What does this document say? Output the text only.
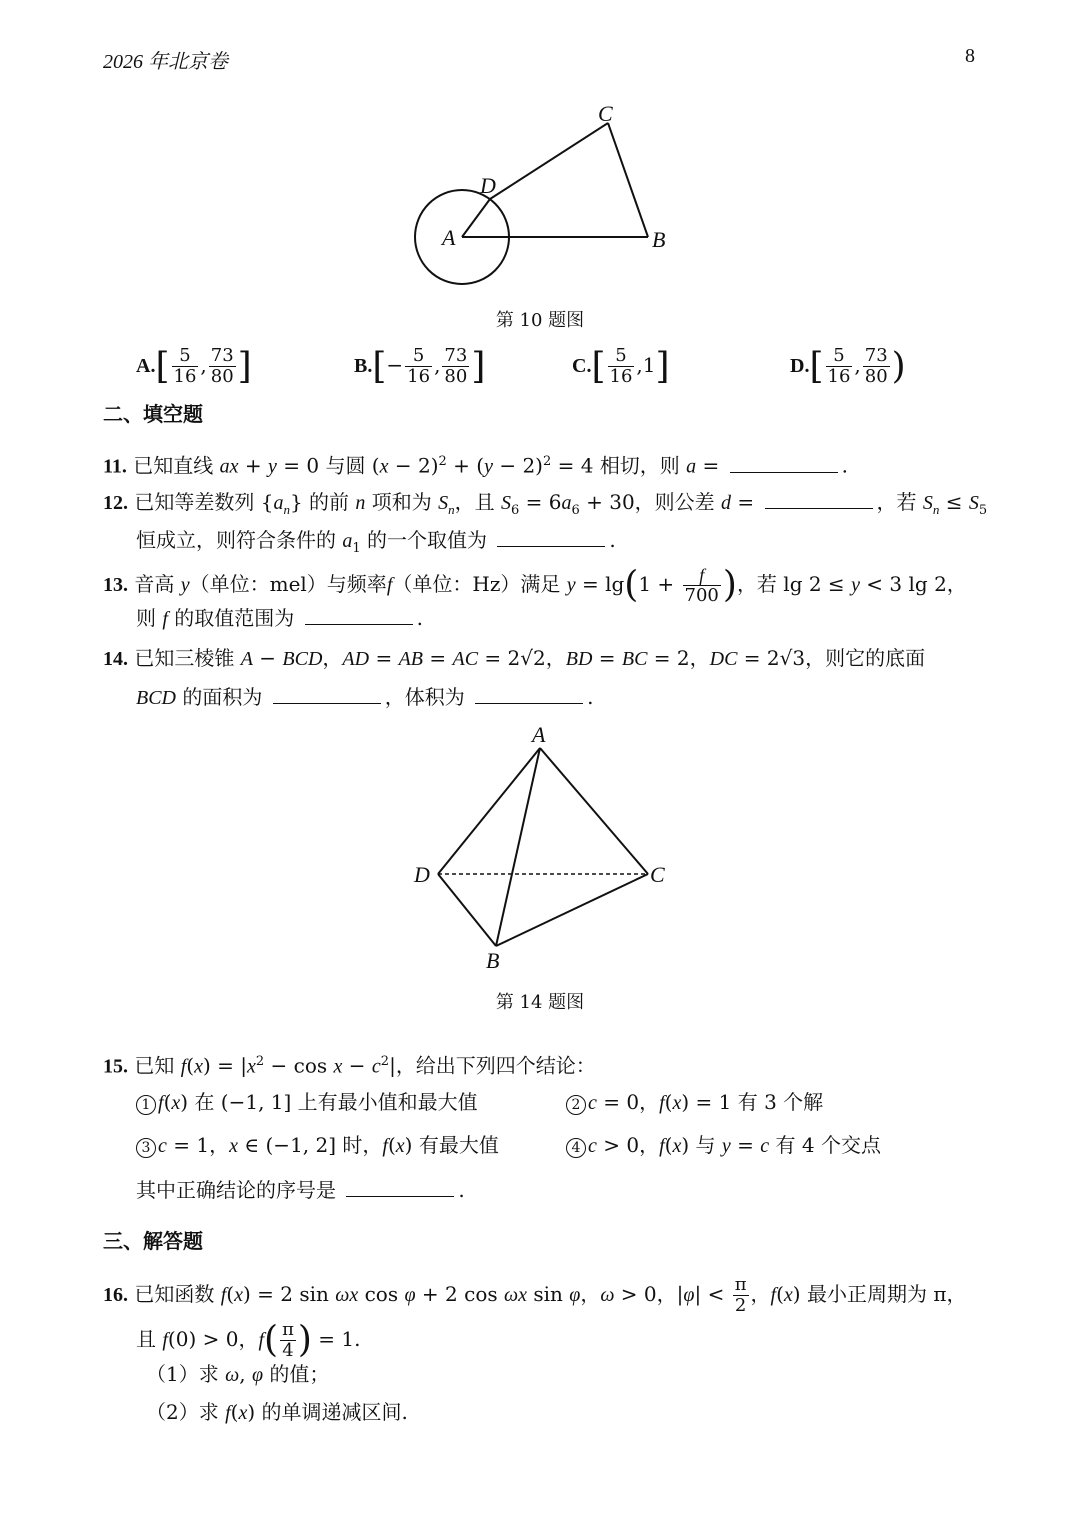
2026 年北京卷	8
C
D
A	B
第 10 题图
$A.[ \frac{5}{16}$ , $\frac{73}{80}$ ]	$B.[- \frac{5}{16}$ , $\frac{73}{80}$ ]	$C.[ \frac{5}{16} ,1]$	$D.[ \frac{5}{16}$ , $\frac{73}{80}$ )
二、填空题
11. 已知直线 ax + y = 0 与圆 $(x - 2)^2 + (y - 2)^2 = 4$ 相切，则 a =	.
12. 已知等差数列 $\{a_n\}$ 的前 n 项和为 $S_n$，且 $S_6 = 6a_6 + 30$，则公差 d =	，若 $S_n \le S_5$
恒成立，则符合条件的 $a_1$ 的一个取值为	.
13. 音高 y（单位：mel）与频率f（单位：Hz）满足 $y = \lg(1 + \frac{f}{700}$ )，若 lg 2 ≤ y < 3 lg 2，
则 f 的取值范围为	.
14. 已知三棱锥 A − BCD，AD = AB = AC = 2√2，BD = BC = 2，DC = 2√3，则它的底面
BCD 的面积为	，体积为	.
A
D	C
B
第 14 题图
15. 已知 $f(x) = |x^2 - \cos x - c^2|$，给出下列四个结论：
1 f(x) 在 (−1, 1] 上有最小值和最大值	2 c = 0，f(x) = 1 有 3 个解
3 c = 1，x ∈ (−1, 2] 时，f(x) 有最大值	4 c > 0，f(x) 与 y = c 有 4 个交点
其中正确结论的序号是	.
三、解答题
16. 已知函数 f(x) = 2 sin ωx cos φ + 2 cos ωx sin φ，ω > 0，$|\varphi| < \frac{\pi}{2}$ ，f(x) 最小正周期为 π，
且 f(0) > 0，$f( \frac{\pi}{4}$ ) = 1.
（1）求 ω, φ 的值；
（2）求 f(x) 的单调递减区间.
